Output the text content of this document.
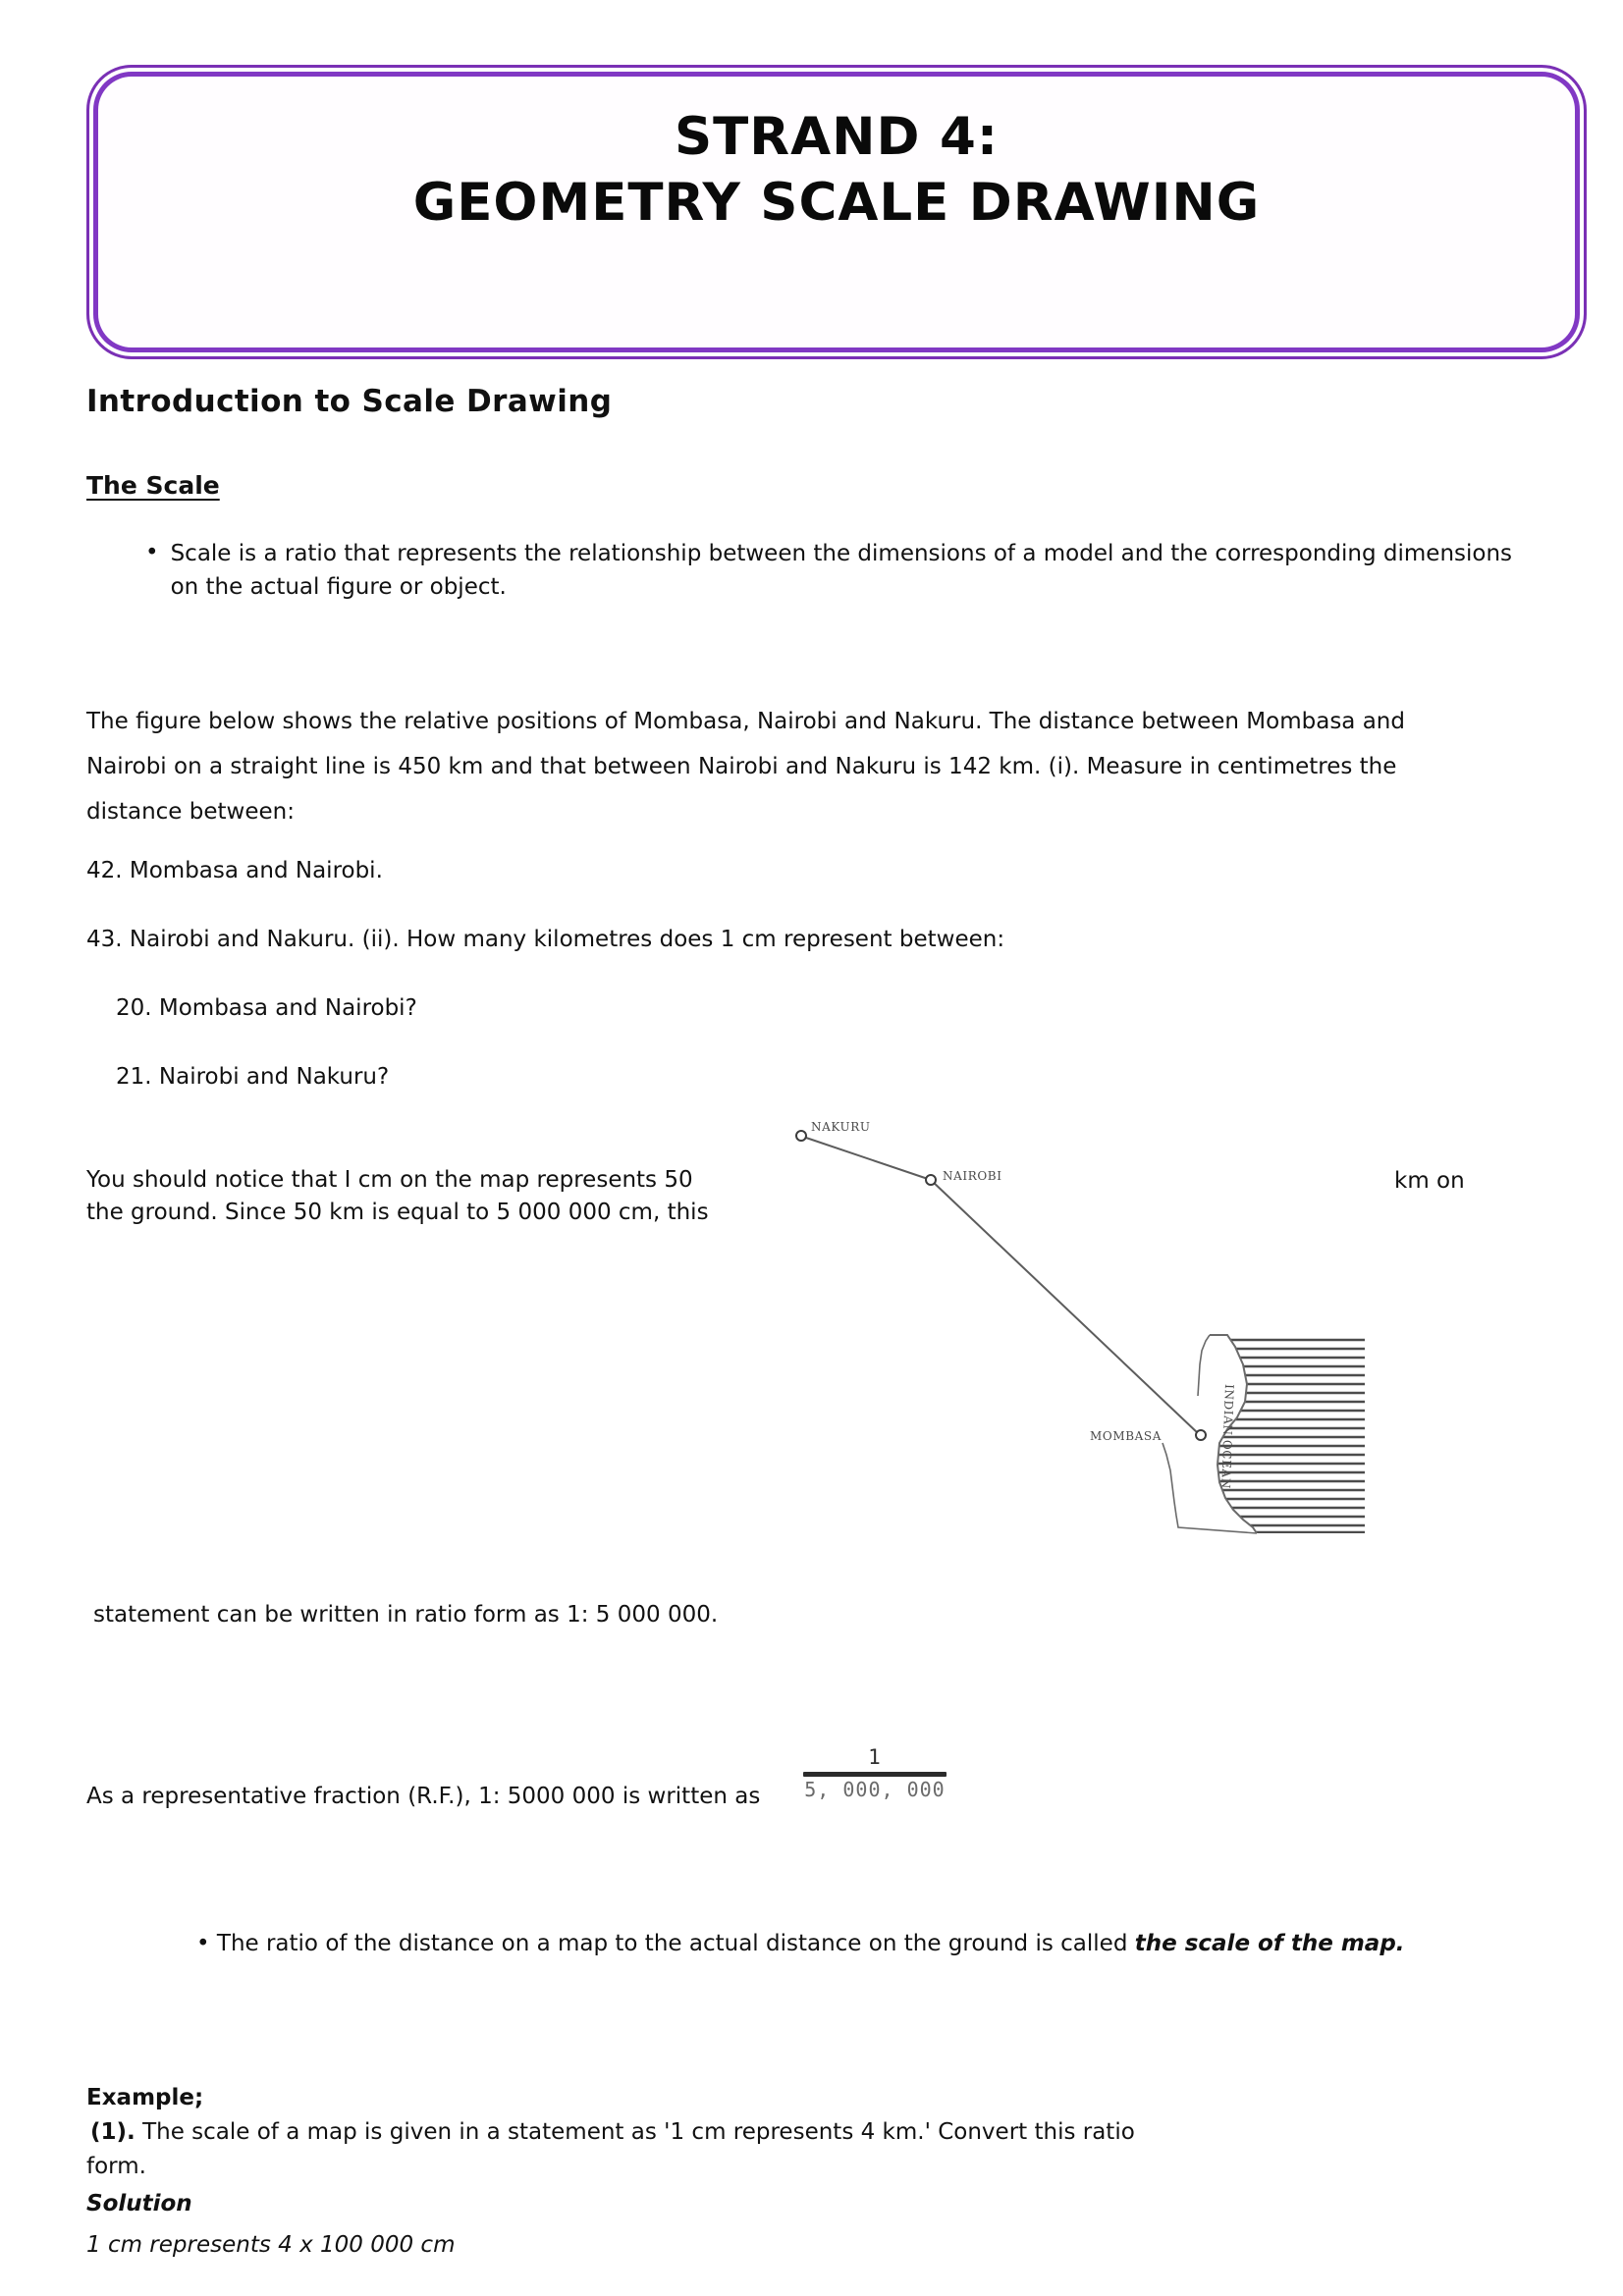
STRAND 4:
GEOMETRY SCALE DRAWING
Introduction to Scale Drawing
The Scale
• Scale is a ratio that represents the relationship between the dimensions of a model and the corresponding dimensions on the actual figure or object.
The figure below shows the relative positions of Mombasa, Nairobi and Nakuru. The distance between Mombasa and Nairobi on a straight line is 450 km and that between Nairobi and Nakuru is 142 km. (i). Measure in centimetres the distance between:
42. Mombasa and Nairobi.
43. Nairobi and Nakuru. (ii). How many kilometres does 1 cm represent between:
20. Mombasa and Nairobi?
21. Nairobi and Nakuru?
You should notice that I cm on the map represents 50 the ground. Since 50 km is equal to 5 000 000 cm, this
km on
NAKURU
NAIROBI
MOMBASA	INDIAN OCEAN
statement can be written in ratio form as 1: 5 000 000.
As a representative fraction (R.F.), 1: 5000 000 is written as
1
5, 000, 000
• The ratio of the distance on a map to the actual distance on the ground is called the scale of the map.
Example;
(1). The scale of a map is given in a statement as '1 cm represents 4 km.' Convert this ratio
form.
Solution
1 cm represents 4 x 100 000 cm
